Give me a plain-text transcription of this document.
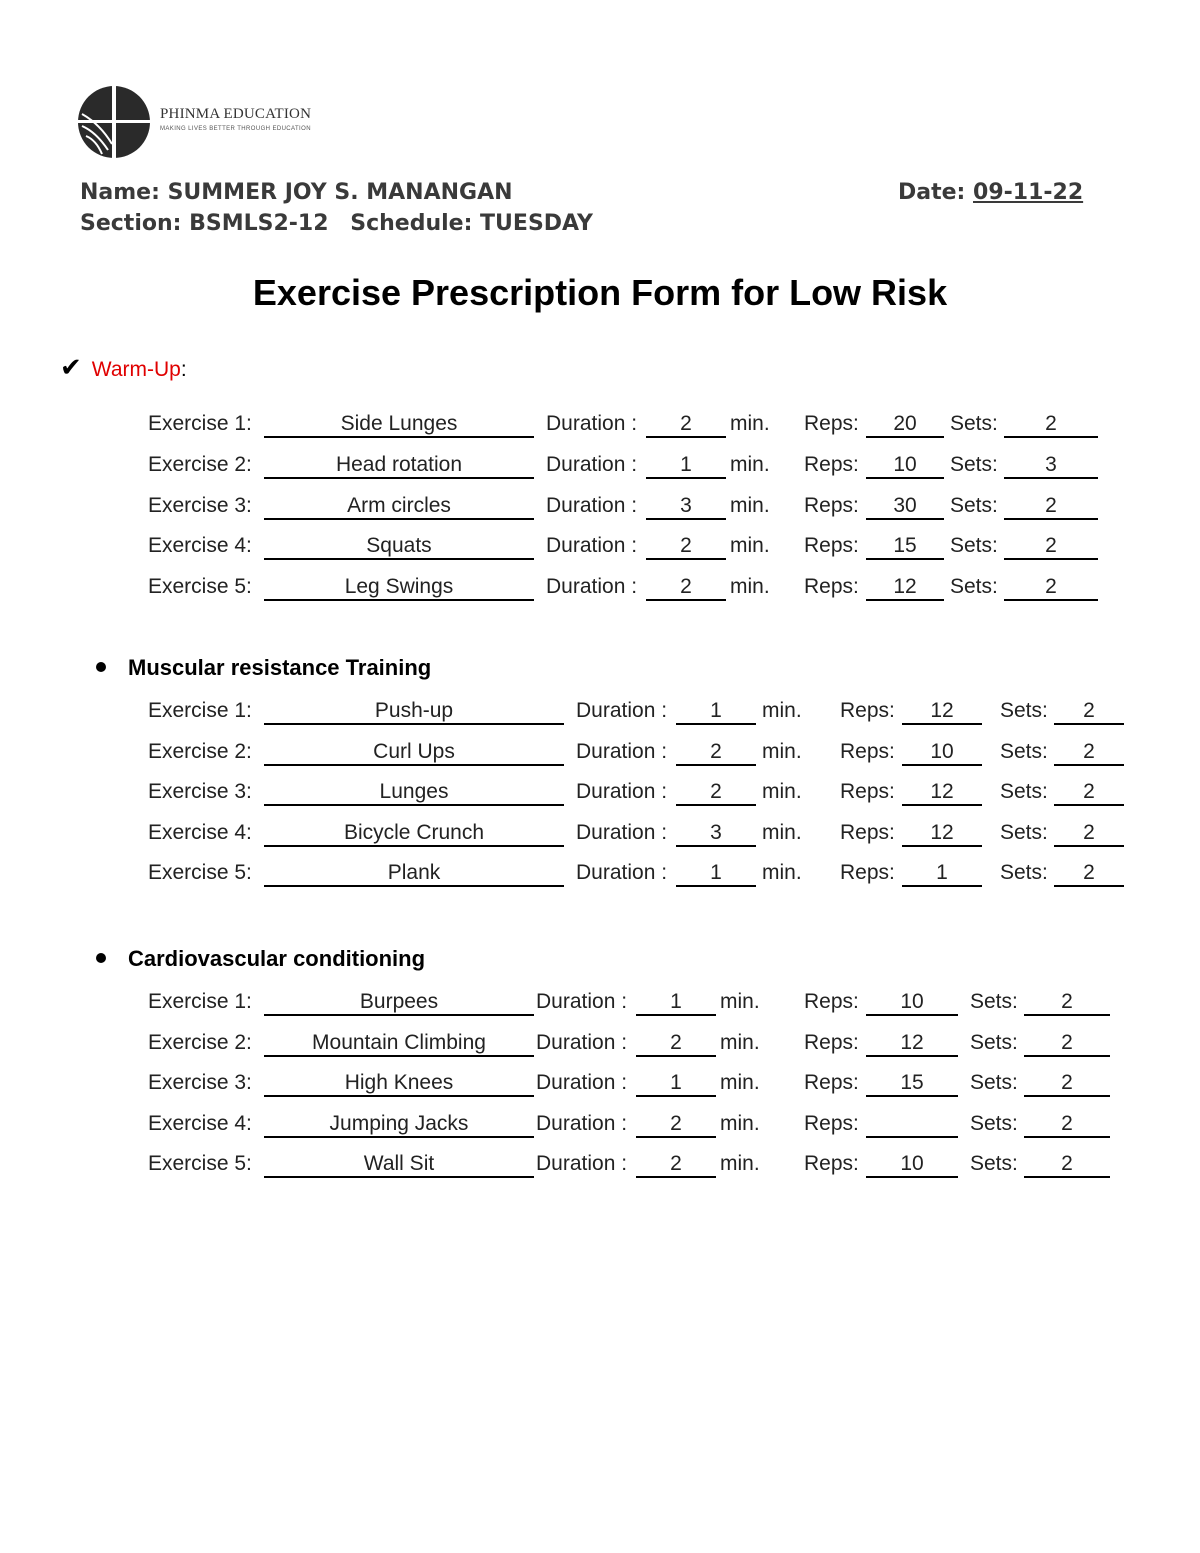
PHINMA EDUCATION
MAKING LIVES BETTER THROUGH EDUCATION
Name: SUMMER JOY S. MANANGAN	Date: 09-11-22
Section: BSMLS2-12 Schedule: TUESDAY
Exercise Prescription Form for Low Risk
✔ Warm-Up:
Exercise 1:	Side Lunges	Duration :	2	min. Reps:	20	Sets:	2
Exercise 2:	Head rotation	Duration :	1	min. Reps:	10	Sets:	3
Exercise 3:	Arm circles	Duration :	3	min. Reps:	30	Sets:	2
Exercise 4:	Squats	Duration :	2	min. Reps:	15	Sets:	2
Exercise 5:	Leg Swings	Duration :	2	min. Reps:	12	Sets:	2
Muscular resistance Training
Exercise 1:	Push-up	Duration :	1	min. Reps:	12	Sets:	2
Exercise 2:	Curl Ups	Duration :	2	min. Reps:	10	Sets:	2
Exercise 3:	Lunges	Duration :	2	min. Reps:	12	Sets:	2
Exercise 4:	Bicycle Crunch	Duration :	3	min. Reps:	12	Sets:	2
Exercise 5:	Plank	Duration :	1	min. Reps:	1	Sets:	2
Cardiovascular conditioning
Exercise 1:	Burpees	Duration :	1	min. Reps:	10	Sets:	2
Exercise 2:	Mountain Climbing	Duration :	2	min. Reps:	12	Sets:	2
Exercise 3:	High Knees	Duration :	1	min. Reps:	15	Sets:	2
Exercise 4:	Jumping Jacks	Duration :	2	min. Reps:	Sets:	2
Exercise 5:	Wall Sit	Duration :	2	min. Reps:	10	Sets:	2
